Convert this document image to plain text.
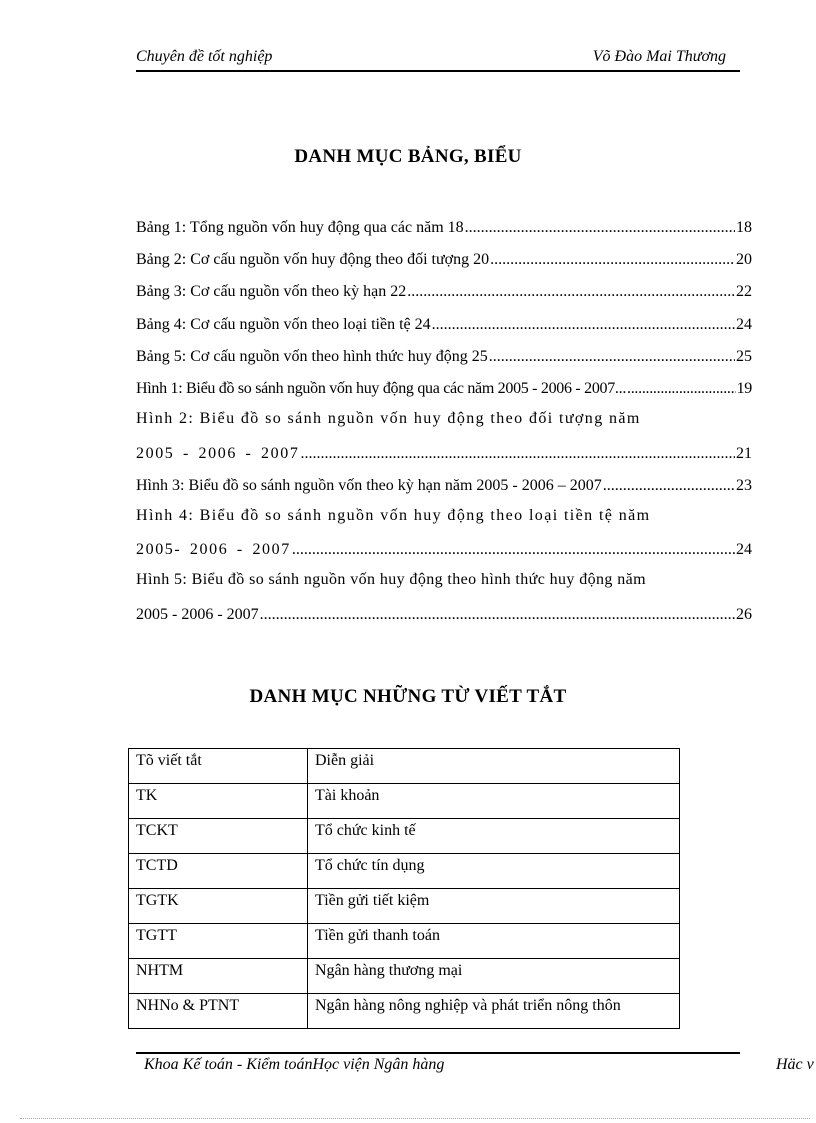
Chuyên đề tốt nghiệp	Võ Đào Mai Thương
DANH MỤC BẢNG, BIỂU
Bảng 1: Tổng nguồn vốn huy động qua các năm 18 .....	18
Bảng 2: Cơ cấu nguồn vốn huy động theo đối tượng 20 .....	20
Bảng 3: Cơ cấu nguồn vốn theo kỳ hạn 22 .....	22
Bảng 4: Cơ cấu nguồn vốn theo loại tiền tệ 24 .....	24
Bảng 5: Cơ cấu nguồn vốn theo hình thức huy động 25 .....	25
Hình 1: Biểu đồ so sánh nguồn vốn huy động qua các năm 2005 - 2006 - 2007... .....	19
Hình 2: Biểu đồ so sánh nguồn vốn huy động theo đối tượng năm
2005 - 2006 - 2007 .....	21
Hình 3: Biểu đồ so sánh nguồn vốn theo kỳ hạn năm 2005 - 2006 – 2007 .....	23
Hình 4: Biểu đồ so sánh nguồn vốn huy động theo loại tiền tệ năm
2005- 2006 - 2007 .....	24
Hình 5: Biểu đồ so sánh nguồn vốn huy động theo hình thức huy động năm
2005 - 2006 - 2007 .....	26
DANH MỤC NHỮNG TỪ VIẾT TẮT
Tõ viết tắt	Diễn giải
TK	Tài khoản
TCKT	Tổ chức kinh tế
TCTD	Tổ chức tín dụng
TGTK	Tiền gửi tiết kiệm
TGTT	Tiền gửi thanh toán
NHTM	Ngân hàng thương mại
NHNo & PTNT	Ngân hàng nông nghiệp và phát triển nông thôn
Khoa Kế toán - Kiểm toánHọc viện Ngân hàng	Häc v
